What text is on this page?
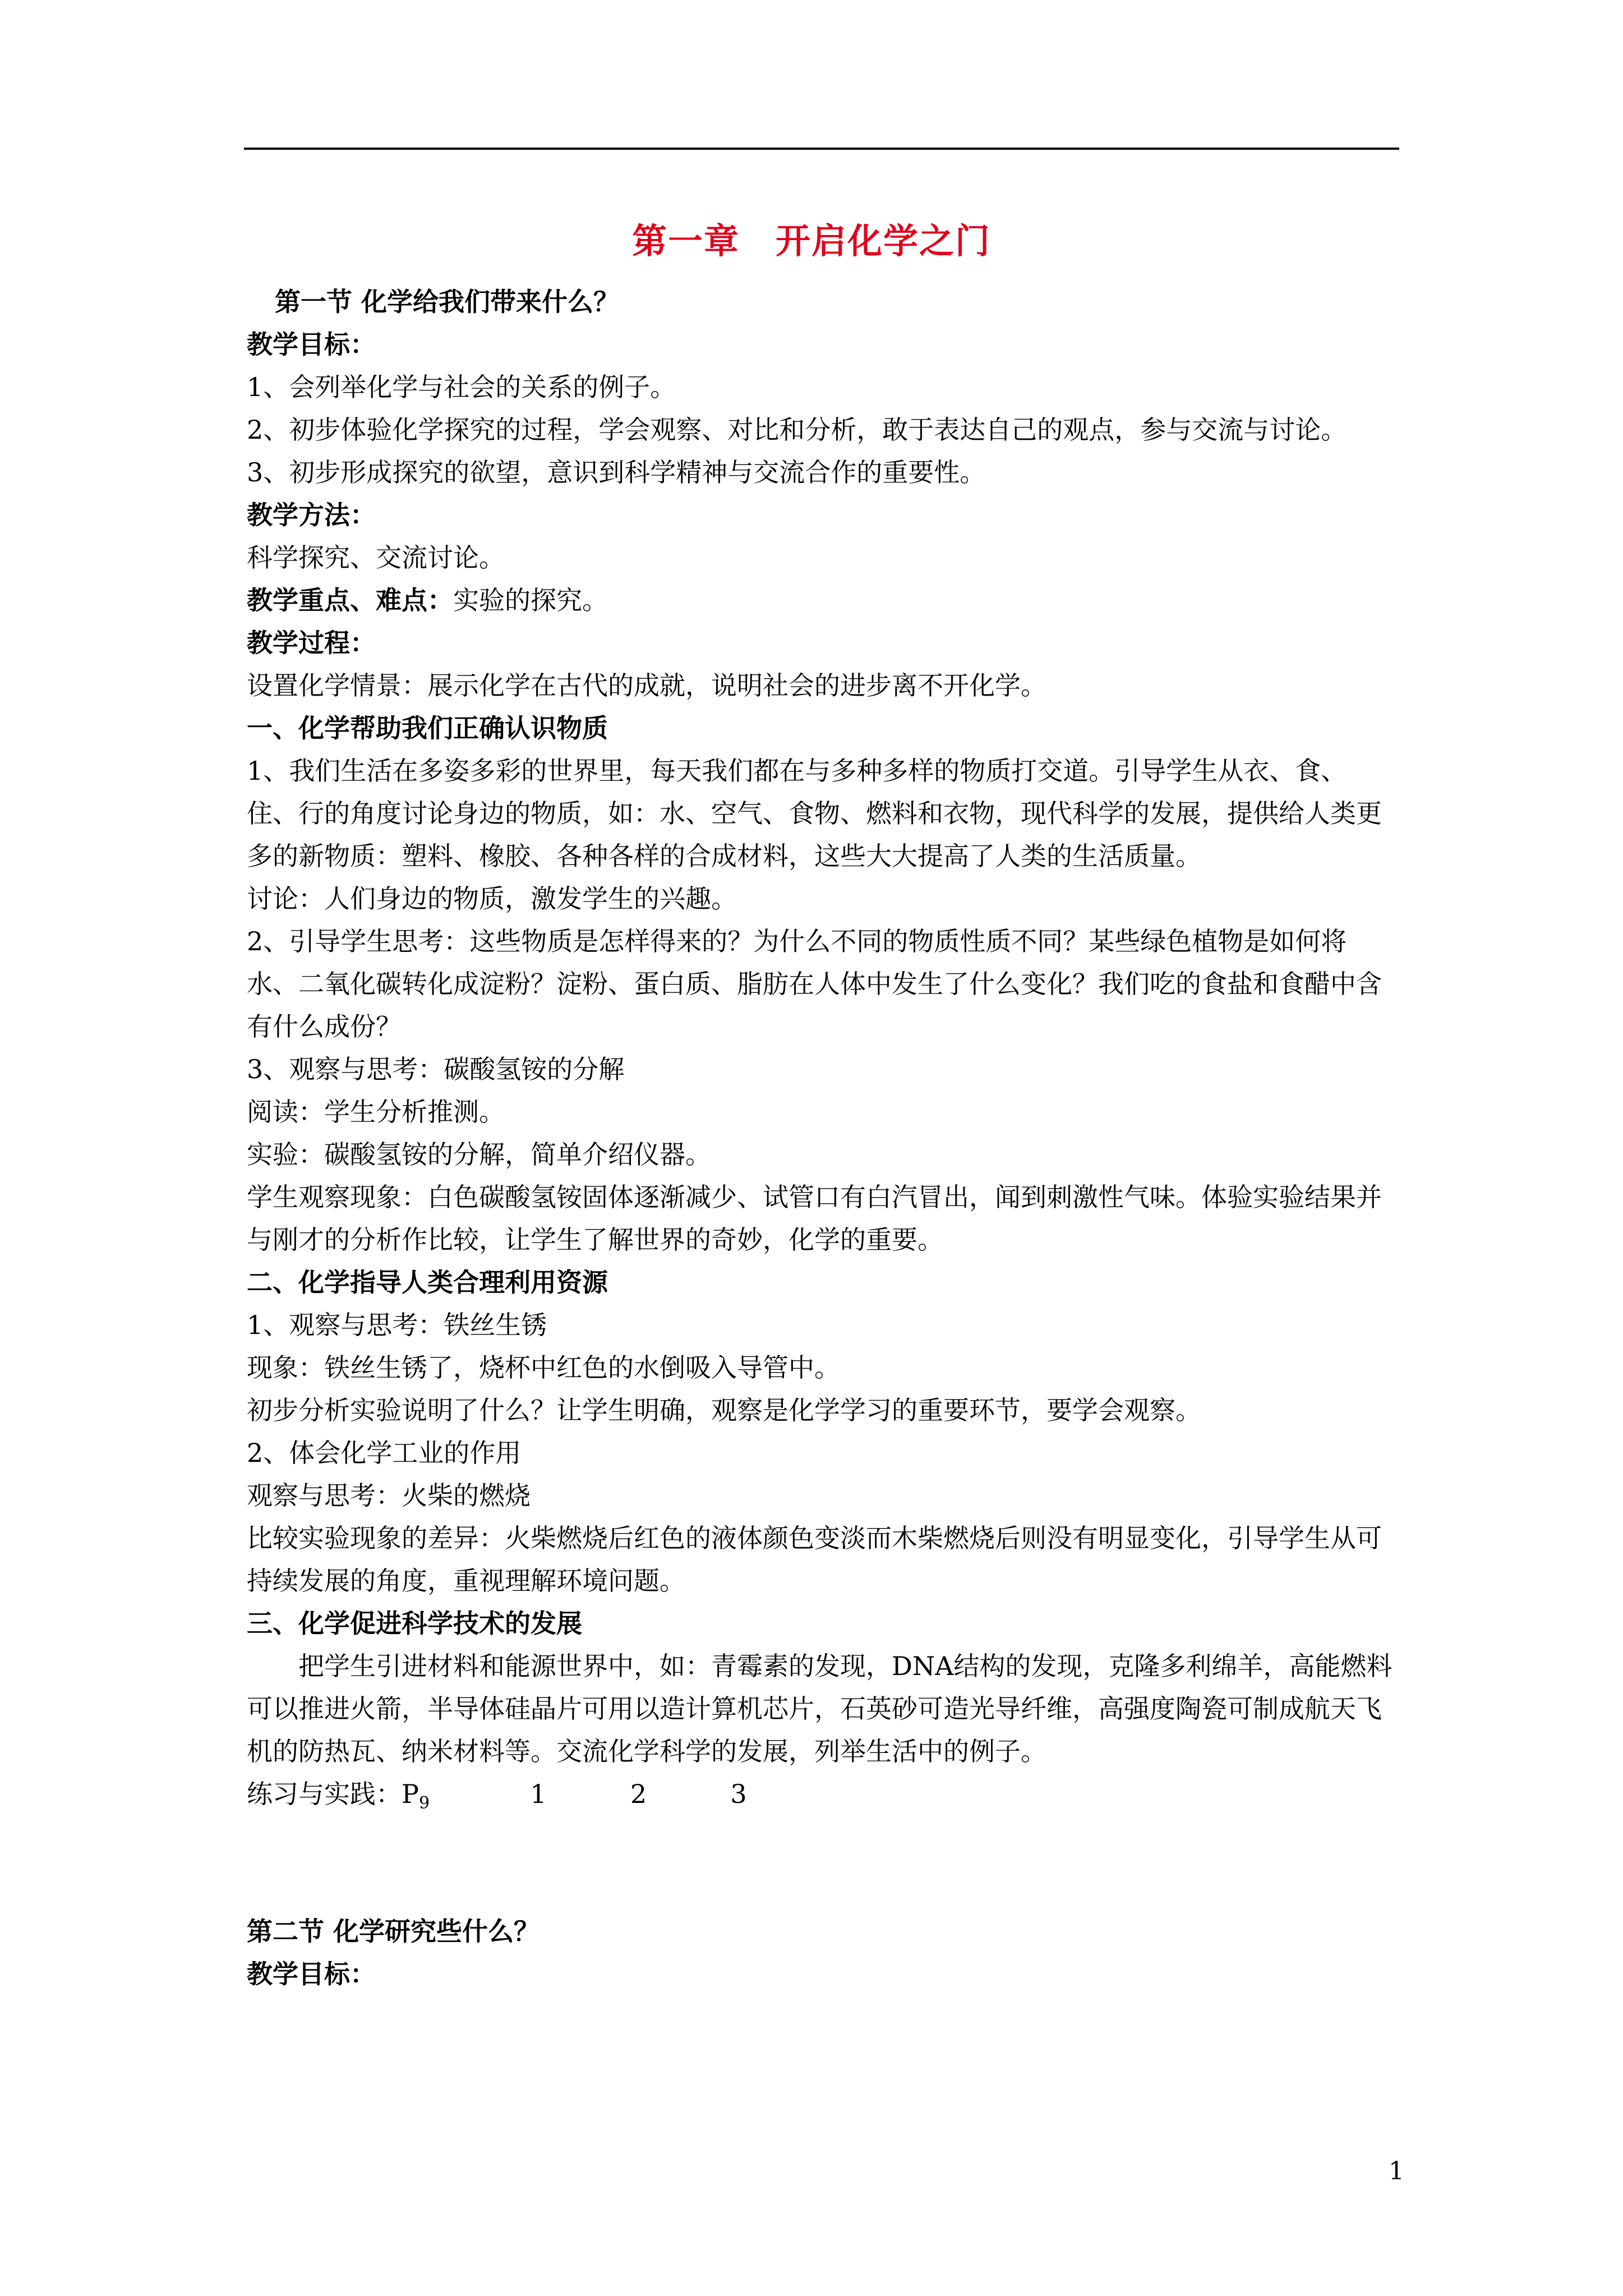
第一章　开启化学之门

第一节 化学给我们带来什么？

教学目标：

1、会列举化学与社会的关系的例子。

2、初步体验化学探究的过程，学会观察、对比和分析，敢于表达自己的观点，参与交流与讨论。

3、初步形成探究的欲望，意识到科学精神与交流合作的重要性。

教学方法：

科学探究、交流讨论。

教学重点、难点：实验的探究。

教学过程：

设置化学情景：展示化学在古代的成就，说明社会的进步离不开化学。

一、化学帮助我们正确认识物质

1、我们生活在多姿多彩的世界里，每天我们都在与多种多样的物质打交道。引导学生从衣、食、住、行的角度讨论身边的物质，如：水、空气、食物、燃料和衣物，现代科学的发展，提供给人类更多的新物质：塑料、橡胶、各种各样的合成材料，这些大大提高了人类的生活质量。

讨论：人们身边的物质，激发学生的兴趣。

2、引导学生思考：这些物质是怎样得来的？为什么不同的物质性质不同？某些绿色植物是如何将水、二氧化碳转化成淀粉？淀粉、蛋白质、脂肪在人体中发生了什么变化？我们吃的食盐和食醋中含有什么成份？

3、观察与思考：碳酸氢铵的分解

阅读：学生分析推测。

实验：碳酸氢铵的分解，简单介绍仪器。

学生观察现象：白色碳酸氢铵固体逐渐减少、试管口有白汽冒出，闻到刺激性气味。体验实验结果并与刚才的分析作比较，让学生了解世界的奇妙，化学的重要。

二、化学指导人类合理利用资源

1、观察与思考：铁丝生锈

现象：铁丝生锈了，烧杯中红色的水倒吸入导管中。

初步分析实验说明了什么？让学生明确，观察是化学学习的重要环节，要学会观察。

2、体会化学工业的作用

观察与思考：火柴的燃烧

比较实验现象的差异：火柴燃烧后红色的液体颜色变淡而木柴燃烧后则没有明显变化，引导学生从可持续发展的角度，重视理解环境问题。

三、化学促进科学技术的发展

把学生引进材料和能源世界中，如：青霉素的发现，DNA结构的发现，克隆多利绵羊，高能燃料可以推进火箭，半导体硅晶片可用以造计算机芯片，石英砂可造光导纤维，高强度陶瓷可制成航天飞机的防热瓦、纳米材料等。交流化学科学的发展，列举生活中的例子。

练习与实践：$P_9$	1	2	3

第二节 化学研究些什么？

教学目标：

1
